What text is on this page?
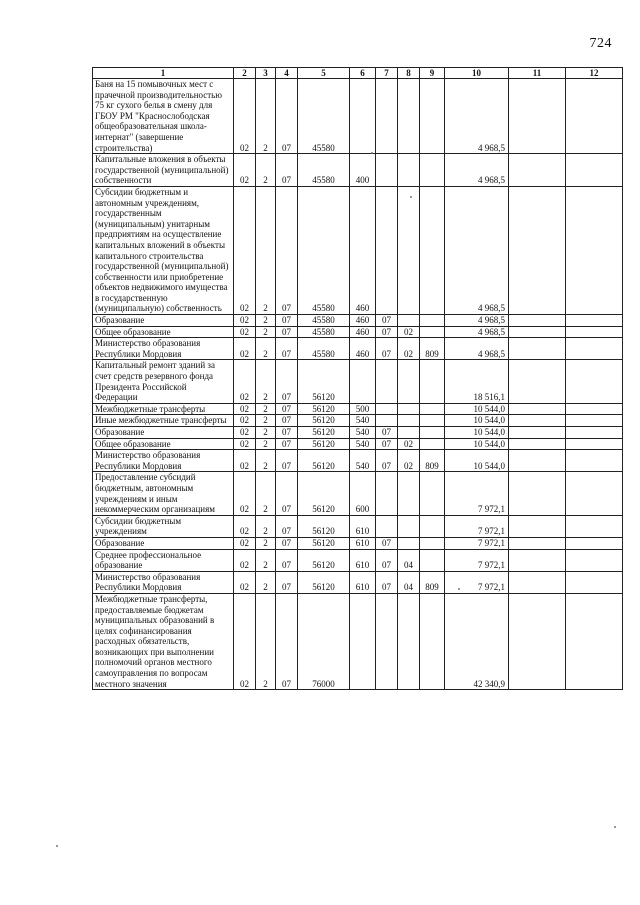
724
1	2	3	4	5	6	7	8	9	10	11	12
Баня на 15 помывочных мест с прачечной производительностью 75 кг сухого белья в смену для ГБОУ РМ "Краснослободская общеобразовательная школа-интернат" (завершение строительства)	02	2	07	45580					4 968,5		
Капитальные вложения в объекты государственной (муниципальной) собственности	02	2	07	45580	400				4 968,5		
Субсидии бюджетным и автономным учреждениям, государственным (муниципальным) унитарным предприятиям на осуществление капитальных вложений в объекты капитального строительства государственной (муниципальной) собственности или приобретение объектов недвижимого имущества в государственную (муниципальную) собственность	02	2	07	45580	460				4 968,5		
Образование	02	2	07	45580	460	07			4 968,5		
Общее образование	02	2	07	45580	460	07	02		4 968,5		
Министерство образования Республики Мордовия	02	2	07	45580	460	07	02	809	4 968,5		
Капитальный ремонт зданий за счет средств резервного фонда Президента Российской Федерации	02	2	07	56120					18 516,1		
Межбюджетные трансферты	02	2	07	56120	500				10 544,0		
Иные межбюджетные трансферты	02	2	07	56120	540				10 544,0		
Образование	02	2	07	56120	540	07			10 544,0		
Общее образование	02	2	07	56120	540	07	02		10 544,0		
Министерство образования Республики Мордовия	02	2	07	56120	540	07	02	809	10 544,0		
Предоставление субсидий бюджетным, автономным учреждениям и иным некоммерческим организациям	02	2	07	56120	600				7 972,1		
Субсидии бюджетным учреждениям	02	2	07	56120	610				7 972,1		
Образование	02	2	07	56120	610	07			7 972,1		
Среднее профессиональное образование	02	2	07	56120	610	07	04		7 972,1		
Министерство образования Республики Мордовия	02	2	07	56120	610	07	04	809	7 972,1		
Межбюджетные трансферты, предоставляемые бюджетам муниципальных образований в целях софинансирования расходных обязательств, возникающих при выполнении полномочий органов местного самоуправления по вопросам местного значения	02	2	07	76000					42 340,9		
